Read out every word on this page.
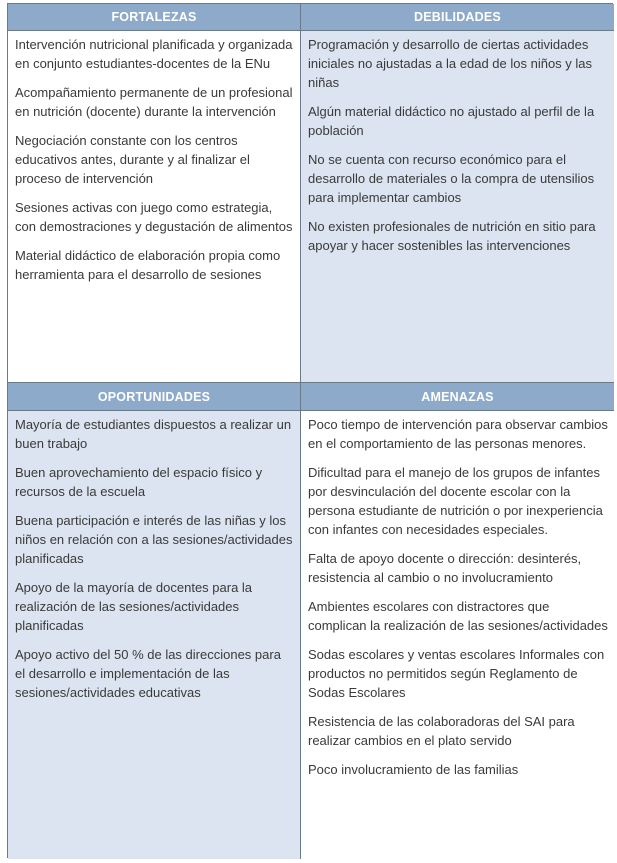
FORTALEZAS	DEBILIDADES

Intervención nutricional planificada y organizada en conjunto estudiantes-docentes de la ENu

Acompañamiento permanente de un profesional en nutrición (docente) durante la intervención

Negociación constante con los centros educativos antes, durante y al finalizar el proceso de intervención

Sesiones activas con juego como estrategia, con demostraciones y degustación de alimentos

Material didáctico de elaboración propia como herramienta para el desarrollo de sesiones

Programación y desarrollo de ciertas actividades iniciales no ajustadas a la edad de los niños y las niñas

Algún material didáctico no ajustado al perfil de la población

No se cuenta con recurso económico para el desarrollo de materiales o la compra de utensilios para implementar cambios

No existen profesionales de nutrición en sitio para apoyar y hacer sostenibles las intervenciones

OPORTUNIDADES	AMENAZAS

Mayoría de estudiantes dispuestos a realizar un buen trabajo

Buen aprovechamiento del espacio físico y recursos de la escuela

Buena participación e interés de las niñas y los niños en relación con a las sesiones/actividades planificadas

Apoyo de la mayoría de docentes para la realización de las sesiones/actividades planificadas

Apoyo activo del 50 % de las direcciones para el desarrollo e implementación de las sesiones/actividades educativas

Poco tiempo de intervención para observar cambios en el comportamiento de las personas menores.

Dificultad para el manejo de los grupos de infantes por desvinculación del docente escolar con la persona estudiante de nutrición o por inexperiencia con infantes con necesidades especiales.

Falta de apoyo docente o dirección: desinterés, resistencia al cambio o no involucramiento

Ambientes escolares con distractores que complican la realización de las sesiones/actividades

Sodas escolares y ventas escolares Informales con productos no permitidos según Reglamento de Sodas Escolares

Resistencia de las colaboradoras del SAI para realizar cambios en el plato servido

Poco involucramiento de las familias
